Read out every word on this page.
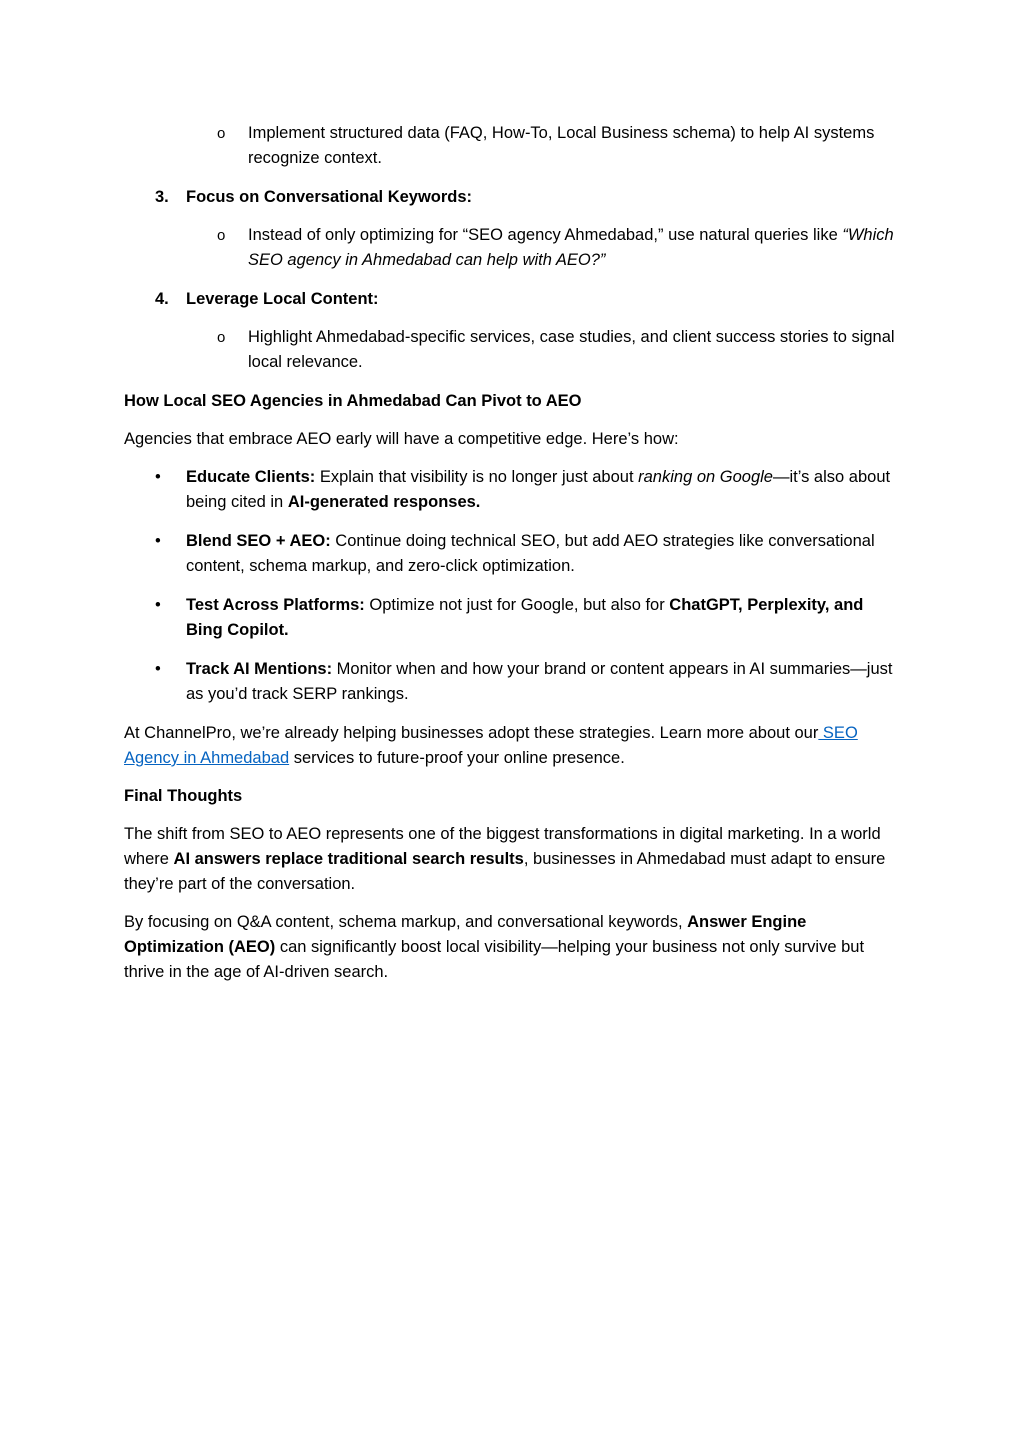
o Implement structured data (FAQ, How-To, Local Business schema) to help AI systems recognize context.

3. Focus on Conversational Keywords:
o Instead of only optimizing for “SEO agency Ahmedabad,” use natural queries like “Which SEO agency in Ahmedabad can help with AEO?”

4. Leverage Local Content:
o Highlight Ahmedabad-specific services, case studies, and client success stories to signal local relevance.

How Local SEO Agencies in Ahmedabad Can Pivot to AEO

Agencies that embrace AEO early will have a competitive edge. Here’s how:

• Educate Clients: Explain that visibility is no longer just about ranking on Google—it’s also about being cited in AI-generated responses.

• Blend SEO + AEO: Continue doing technical SEO, but add AEO strategies like conversational content, schema markup, and zero-click optimization.

• Test Across Platforms: Optimize not just for Google, but also for ChatGPT, Perplexity, and Bing Copilot.

• Track AI Mentions: Monitor when and how your brand or content appears in AI summaries—just as you’d track SERP rankings.

At ChannelPro, we’re already helping businesses adopt these strategies. Learn more about our SEO Agency in Ahmedabad services to future-proof your online presence.

Final Thoughts

The shift from SEO to AEO represents one of the biggest transformations in digital marketing. In a world where AI answers replace traditional search results, businesses in Ahmedabad must adapt to ensure they’re part of the conversation.

By focusing on Q&A content, schema markup, and conversational keywords, Answer Engine Optimization (AEO) can significantly boost local visibility—helping your business not only survive but thrive in the age of AI-driven search.
